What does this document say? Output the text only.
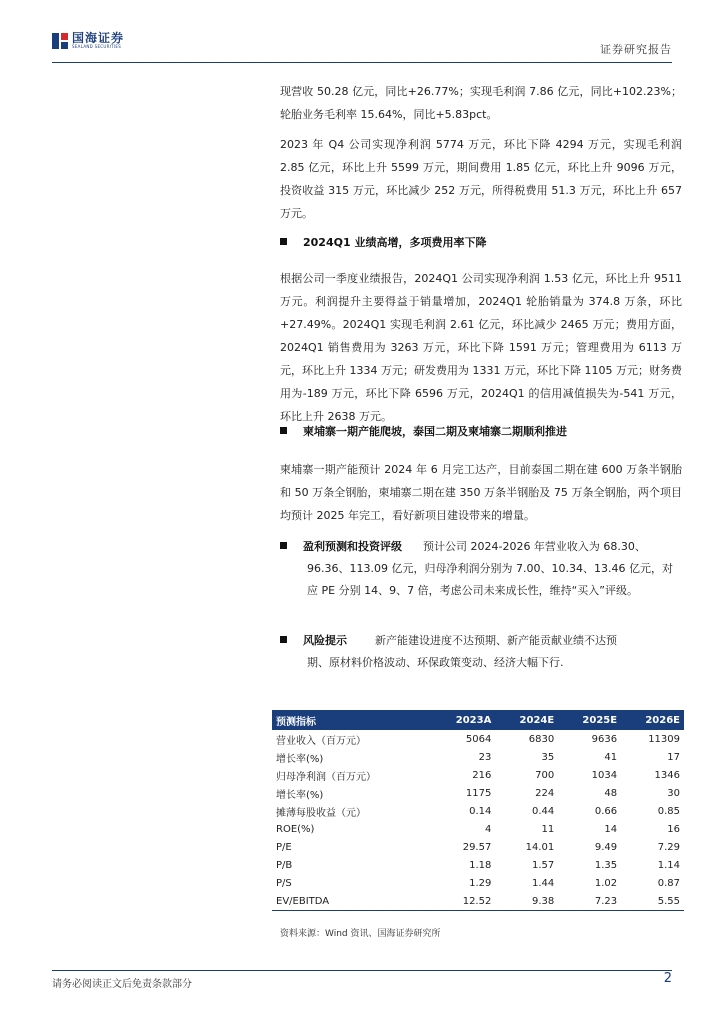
国海证券
SEALAND SECURITIES	证券研究报告
现营收 50.28 亿元，同比+26.77%；实现毛利润 7.86 亿元，同比+102.23%；轮胎业务毛利率 15.64%，同比+5.83pct。
2023 年 Q4 公司实现净利润 5774 万元，环比下降 4294 万元，实现毛利润 2.85 亿元，环比上升 5599 万元，期间费用 1.85 亿元，环比上升 9096 万元，投资收益 315 万元，环比减少 252 万元，所得税费用 51.3 万元，环比上升 657 万元。
2024Q1 业绩高增，多项费用率下降
根据公司一季度业绩报告，2024Q1 公司实现净利润 1.53 亿元，环比上升 9511 万元。利润提升主要得益于销量增加，2024Q1 轮胎销量为 374.8 万条，环比+27.49%。2024Q1 实现毛利润 2.61 亿元，环比减少 2465 万元；费用方面，2024Q1 销售费用为 3263 万元，环比下降 1591 万元；管理费用为 6113 万元，环比上升 1334 万元；研发费用为 1331 万元，环比下降 1105 万元；财务费用为-189 万元，环比下降 6596 万元，2024Q1 的信用减值损失为-541 万元，环比上升 2638 万元。
柬埔寨一期产能爬坡，泰国二期及柬埔寨二期顺利推进
柬埔寨一期产能预计 2024 年 6 月完工达产，目前泰国二期在建 600 万条半钢胎和 50 万条全钢胎，柬埔寨二期在建 350 万条半钢胎及 75 万条全钢胎，两个项目均预计 2025 年完工，看好新项目建设带来的增量。
盈利预测和投资评级 预计公司 2024-2026 年营业收入为 68.30、
96.36、113.09 亿元，归母净利润分别为 7.00、10.34、13.46 亿元，对应 PE 分别 14、9、7 倍，考虑公司未来成长性，维持“买入”评级。
风险提示	新产能建设进度不达预期、新产能贡献业绩不达预
期、原材料价格波动、环保政策变动、经济大幅下行.
预测指标	2023A	2024E	2025E	2026E
营业收入（百万元）	5064	6830	9636	11309
增长率(%)	23	35	41	17
归母净利润（百万元）	216	700	1034	1346
增长率(%)	1175	224	48	30
摊薄每股收益（元）	0.14	0.44	0.66	0.85
ROE(%)	4	11	14	16
P/E	29.57	14.01	9.49	7.29
P/B	1.18	1.57	1.35	1.14
P/S	1.29	1.44	1.02	0.87
EV/EBITDA	12.52	9.38	7.23	5.55
资料来源：Wind 资讯、国海证券研究所
请务必阅读正文后免责条款部分	2
